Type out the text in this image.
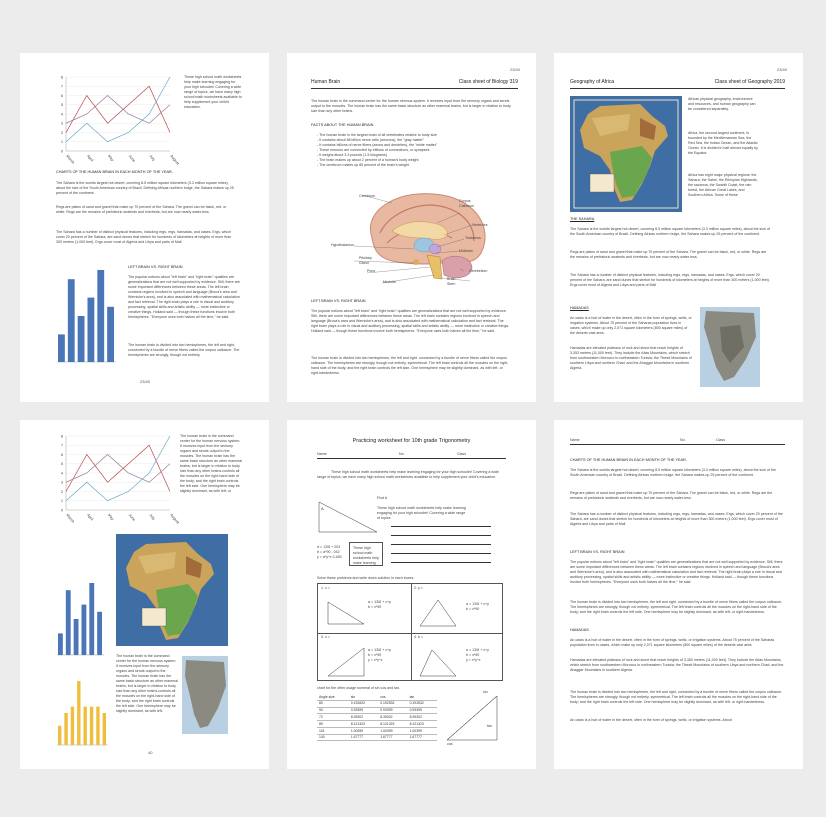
0
1
2
3
4
5
6
7
8
March	April	May	June	July	August
These high school math worksheets help make learning engaging for your high schooler! Covering a wide range of topics, we have many high school math worksheets available to help supplement your child's education.
CHARTS OF THE HUMAN BRAIN IN EACH MONTH OF THE YEAR.
The Sahara is the worlds largest hot desert, covering 8.5 million square kilometers (3.3 million square miles), about the size of the South American country of Brazil. Defining Africas northern bulge, the Sahara makes up 25 percent of the continent.
Regs are plains of sand and gravel that make up 70 percent of the Sahara. The gravel can be black, red, or white. Regs are the remains of prehistoric seabeds and riverbeds, but are now nearly water-less.
The Sahara has a number of distinct physical features, including ergs, regs, hamadas, and oases. Ergs, which cover 20 percent of the Sahara, are sand dunes that stretch for hundreds of kilometers at heights of more than 300 meters (1,000 feet). Ergs cover most of Algeria and Libya and parts of Mali
LEFT BRAIN VS. RIGHT BRAIN
The popular notions about "left brain" and "right brain" qualities are generalizations that are not well supported by evidence. Still, there are some important differences between these areas. The left brain contains regions involved in speech and language (Broca's area and Wernicke's area), and is also associated with mathematical calculation and fact retrieval. The right brain plays a role in visual and auditory processing, spatial skills and artistic ability — more instinctive or creative things. Holland said — though these functions involve both hemispheres. "Everyone uses both halves all the time," he said.
The human brain is divided into two hemispheres, the left and right, connected by a bundle of nerve fibers called the corpus callosum. The hemispheres are strongly, though not entirely.
23/40
23/40
Human Brain	Class sheet of Biology 319
The human brain is the command center for the human nervous system. It receives input from the sensory organs and sends output to the muscles. The human brain has the same basic structure as other mammal brains, but is larger in relation to body size than any other brains.
FACTS ABOUT THE HUMAN BRAIN
- The human brain is the largest brain of all vertebrates relative to body size
- It contains about 86 billion nerve cells (neurons), the "gray matter"
- It contains billions of nerve fibers (axons and dendrites), the "white matter"
- These neurons are connected by trillions of connections, or synapses
- It weighs about 3.3 pounds (1.5 kilograms)
- The brain makes up about 2 percent of a human's body weight
- The cerebrum makes up 85 percent of the brain's weight
Cerebrum
Corpus Callosum
Ventricles
Thalamus
Hypothalamus
Midbrain
Pituitary Gland
Pons	Cerebellum
Medulla
Brain Stem
LEFT BRAIN VS. RIGHT BRAIN
The popular notions about "left brain" and "right brain" qualities are generalizations that are not well supported by evidence. Still, there are some important differences between these areas. The left brain contains regions involved in speech and language (Broca's area and Wernicke's area), and is also associated with mathematical calculation and fact retrieval. The right brain plays a role in visual and auditory processing, spatial skills and artistic ability — more instinctive or creative things. Holland said — though these functions involve both hemispheres. "Everyone uses both halves all the time," he said.
The human brain is divided into two hemispheres, the left and right, connected by a bundle of nerve fibers called the corpus callosum. The hemispheres are strongly, though not entirely, symmetrical. The left brain controls all the muscles on the right-hand side of the body; and the right brain controls the left side. One hemisphere may be slightly dominant, as with left- or right-handedness.
23/40
Geography of Africa	Class sheet of Geography 2019
Africas physical geography, environment and resources, and human geography can be considered separately.
Africa, the second-largest continent, is bounded by the Mediterranean Sea, the Red Sea, the Indian Ocean, and the Atlantic Ocean. It is divided in half almost equally by the Equator.
Africa has eight major physical regions: the Sahara, the Sahel, the Ethiopian Highlands, the savanna, the Swahili Coast, the rain forest, the African Great Lakes, and Southern Africa. Some of these
THE SAHARA
The Sahara is the worlds largest hot desert, covering 8.5 million square kilometers (3.3 million square miles), about the size of the South American country of Brazil. Defining Africas northern bulge, the Sahara makes up 25 percent of the continent.
Regs are plains of sand and gravel that make up 70 percent of the Sahara. The gravel can be black, red, or white. Regs are the remains of prehistoric seabeds and riverbeds, but are now nearly water-less.
The Sahara has a number of distinct physical features, including ergs, regs, hamadas, and oases. Ergs, which cover 20 percent of the Sahara, are sand dunes that stretch for hundreds of kilometers at heights of more than 300 meters (1,000 feet). Ergs cover most of Algeria and Libya and parts of Mali
HAMADAS
An oasis is a hub of water in the desert, often in the form of springs, wells, or irrigation systems. About 75 percent of the Saharas population lives in oases, which make up only 2,071 square kilometers (800 square miles) of the deserts vast area.
Hamadas are elevated plateaus of rock and stone that reach heights of 3,353 meters (11,000 feet). They include the Atlas Mountains, which stretch from southwestern Morocco to northeastern Tunisia; the Tibesti Mountains of southern Libya and northern Chad; and the Ahaggar Mountains in southern Algeria.
0
1
2
3
4
5
6
7
8
March	April	May	June	July	August
The human brain is the command center for the human nervous system. It receives input from the sensory organs and sends output to the muscles. The human brain has the same basic structure as other mammal brains, but is larger in relation to body size than any other brains.controls all the muscles on the right-hand side of the body; and the right brain controls the left side. One hemisphere may be slightly dominant, as with left- or
The human brain is the command center for the human nervous system. It receives input from the sensory organs and sends output to the muscles. The human brain has the same basic structure as other mammal brains, but is larger in relation to body size than any other brains.controls all the muscles on the right-hand side of the body; and the right brain controls the left side. One hemisphere may be slightly dominant, as with left-
40
Practicing worksheet for 10th grade Trigonometry
Name	No.	Class
These high school math worksheets help make learning engaging for your high schooler! Covering a wide range of topics, we have many high school math worksheets available to help supplement your child's education.
A
Find A
These high school math worksheets help make learning engaging for your high schooler! Covering a wide range of topics
a = 13/8 + 203
b = a*90 - 042
y = a*y^x 0.483
These high school math worksheets help make learning
Solve these problems and write down solution in each boxes.
1. x =
a = 13/8 + x+y
b = x*90
2. y =
a = 13/8 + x+y
b = x*90
3. x =
a = 13/8 + x+y
b = x*90
y = x*y^x
4. b =
a = 13/8 + x+y
b = x*90
y = x*y^x
chart for the often usage numeral of sin cos and tan.
Angle size	sin	cos	tan
80	0.192832	0.192832	0.192832
90	0.93399	0.93399	0.93399
72	8.39302	8.39302	8.39302
89	8.121323	8.121323	8.121323
101	1.00399	1.00399	1.00399
140	1.67777	1.67777	1.67777
sin
tan
cos
Name	No.	Class
CHARTS OF THE HUMAN BRAIN IN EACH MONTH OF THE YEAR.
The Sahara is the worlds largest hot desert, covering 8.5 million square kilometers (3.3 million square miles), about the size of the South American country of Brazil. Defining Africas northern bulge, the Sahara makes up 25 percent of the continent.
Regs are plains of sand and gravel that make up 70 percent of the Sahara. The gravel can be black, red, or white. Regs are the remains of prehistoric seabeds and riverbeds, but are now nearly water-less.
The Sahara has a number of distinct physical features, including ergs, regs, hamadas, and oases. Ergs, which cover 20 percent of the Sahara, are sand dunes that stretch for hundreds of kilometers at heights of more than 300 meters (1,000 feet). Ergs cover most of Algeria and Libya and parts of Mali
LEFT BRAIN VS. RIGHT BRAIN
The popular notions about "left brain" and "right brain" qualities are generalizations that are not well supported by evidence. Still, there are some important differences between these areas. The left brain contains regions involved in speech and language (Broca's area and Wernicke's area), and is also associated with mathematical calculation and fact retrieval. The right brain plays a role in visual and auditory processing, spatial skills and artistic ability — more instinctive or creative things. Holland said — though these functions involve both hemispheres. "Everyone uses both halves all the time," he said.
The human brain is divided into two hemispheres, the left and right, connected by a bundle of nerve fibers called the corpus callosum. The hemispheres are strongly, though not entirely, symmetrical. The left brain controls all the muscles on the right-hand side of the body; and the right brain controls the left side. One hemisphere may be slightly dominant, as with left- or right-handedness.
HAMADAS
An oasis is a hub of water in the desert, often in the form of springs, wells, or irrigation systems. About 75 percent of the Saharas population lives in oases, which make up only 2,071 square kilometers (800 square miles) of the deserts vast area.
Hamadas are elevated plateaus of rock and stone that reach heights of 3,353 meters (11,000 feet). They include the Atlas Mountains, which stretch from southwestern Morocco to northeastern Tunisia; the Tibesti Mountains of southern Libya and northern Chad; and the Ahaggar Mountains in southern Algeria.
The human brain is divided into two hemispheres, the left and right, connected by a bundle of nerve fibers called the corpus callosum. The hemispheres are strongly, though not entirely, symmetrical. The left brain controls all the muscles on the right-hand side of the body; and the right brain controls the left side. One hemisphere may be slightly dominant, as with left- or right-handedness.
An oasis is a hub of water in the desert, often in the form of springs, wells, or irrigation systems. About
